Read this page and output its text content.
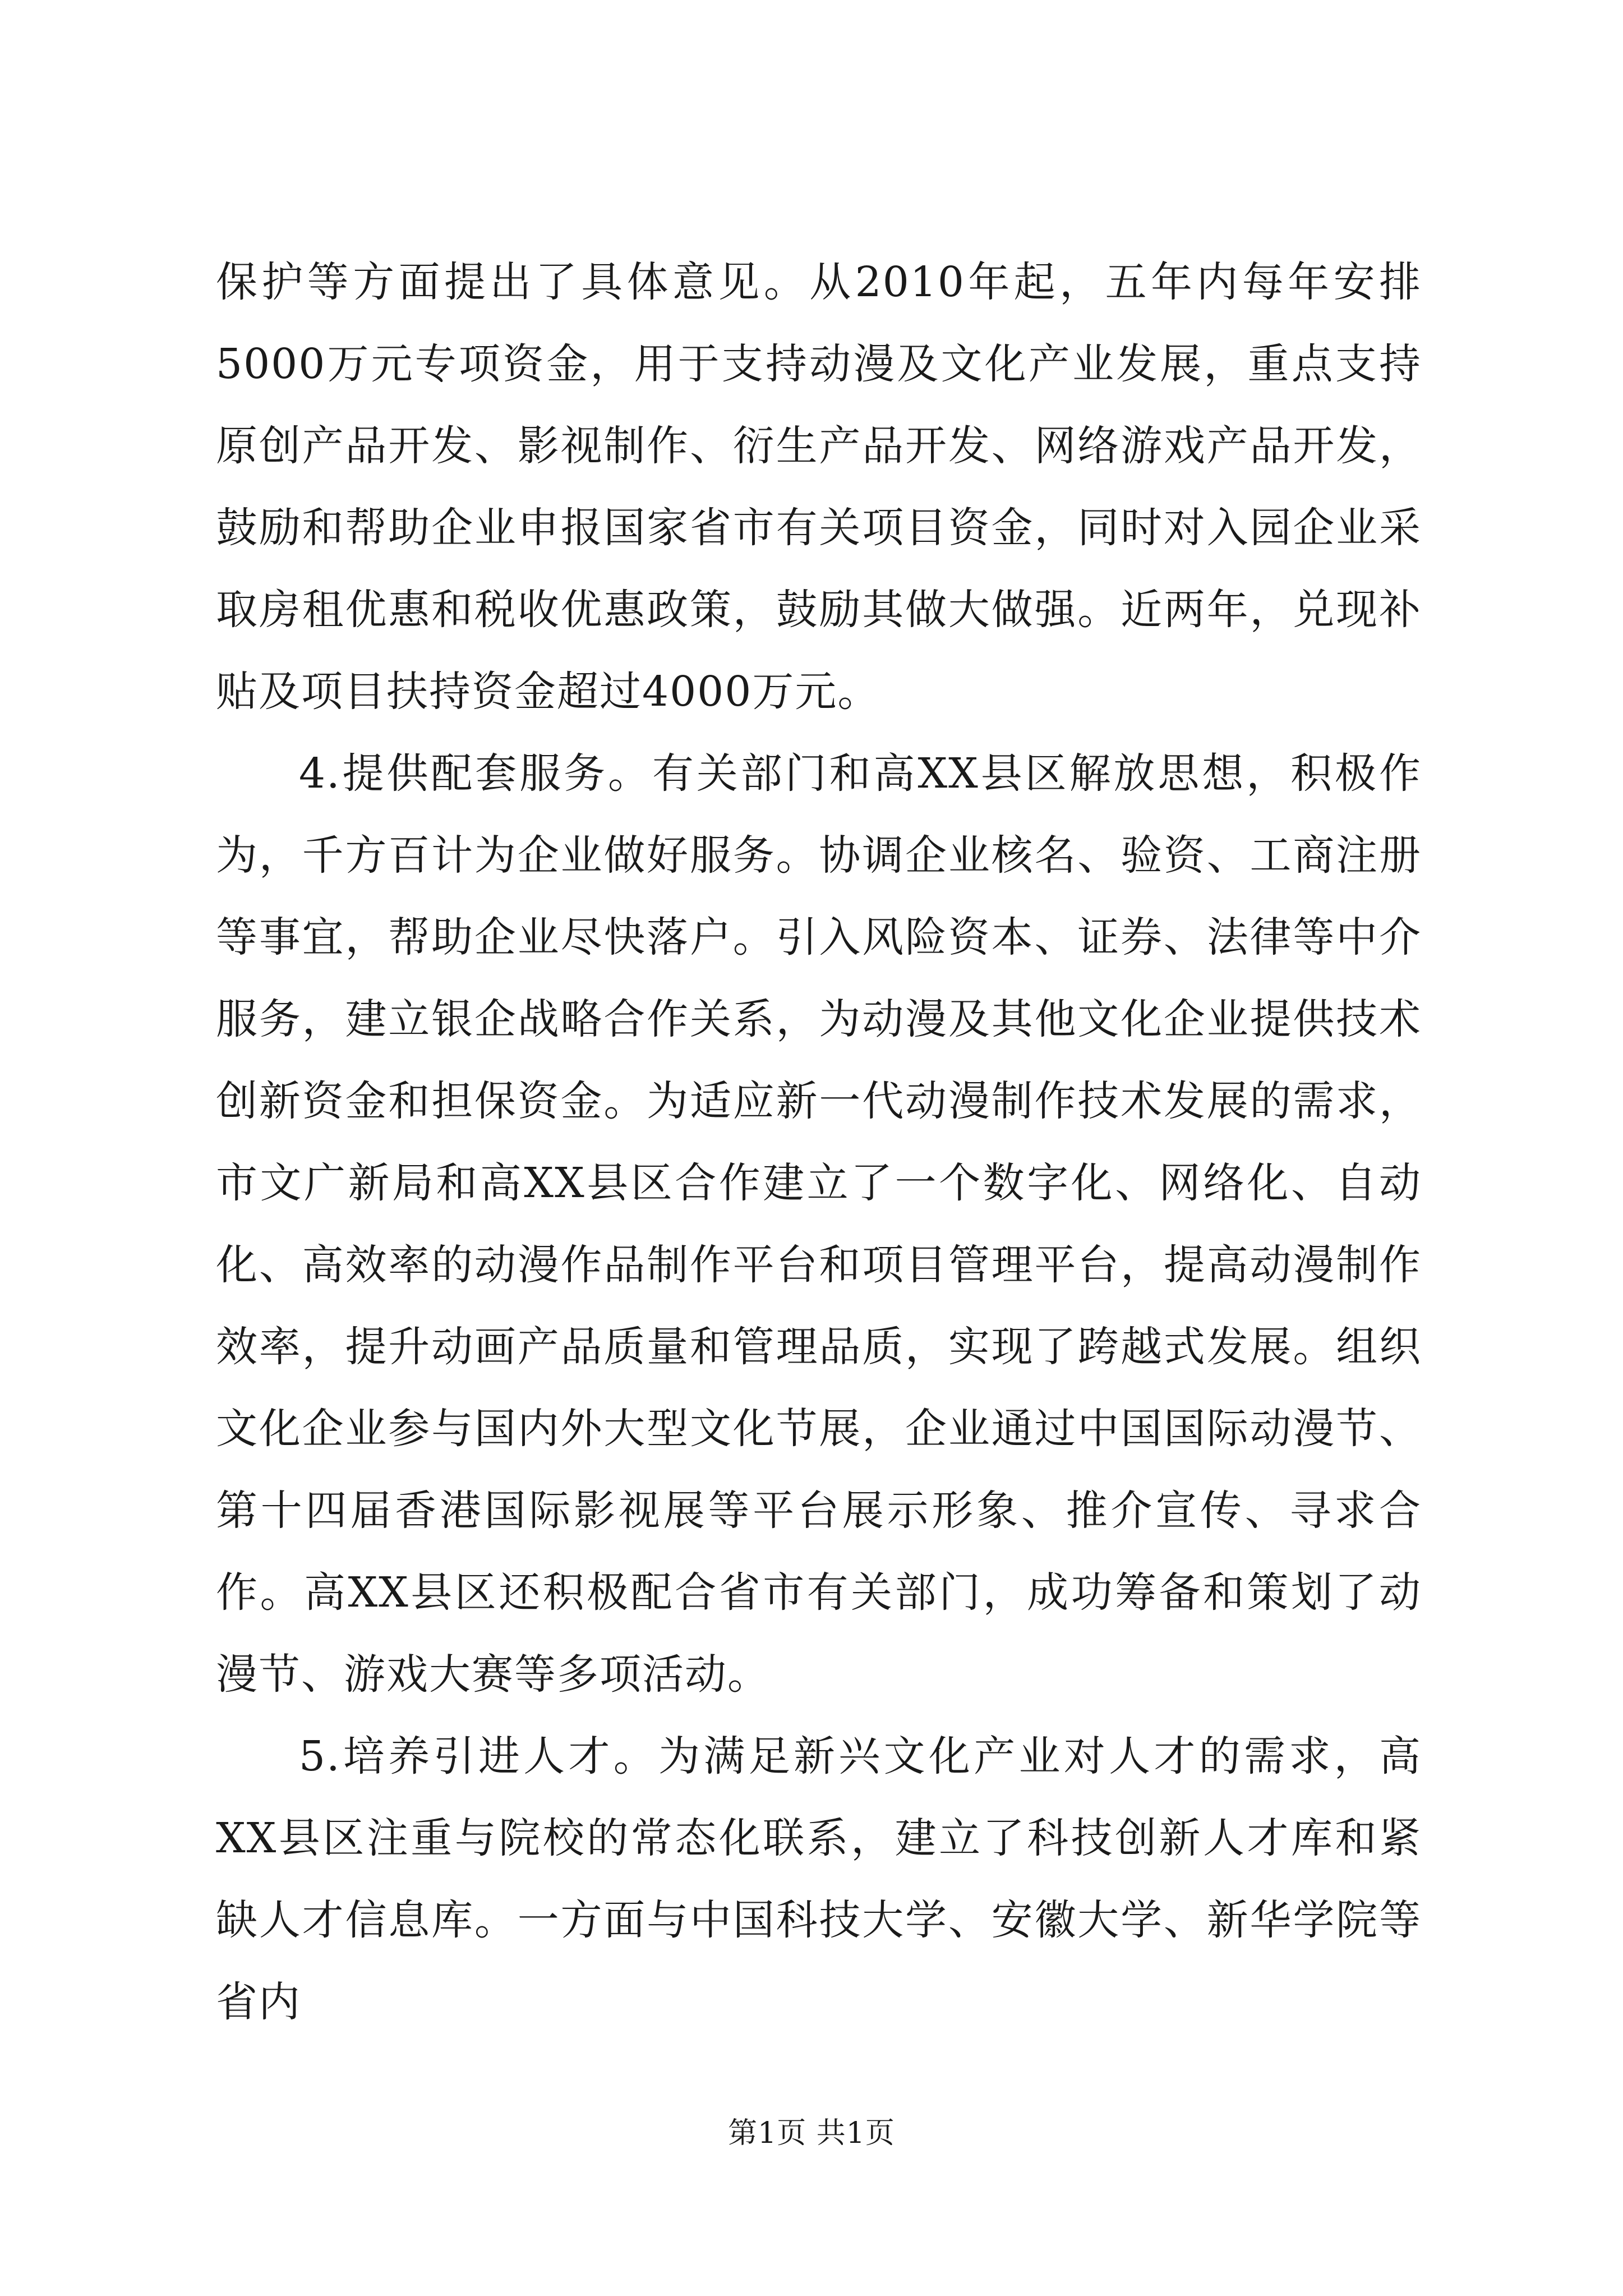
保护等方面提出了具体意见。从2010年起，五年内每年安排5000万元专项资金，用于支持动漫及文化产业发展，重点支持原创产品开发、影视制作、衍生产品开发、网络游戏产品开发，鼓励和帮助企业申报国家省市有关项目资金，同时对入园企业采取房租优惠和税收优惠政策，鼓励其做大做强。近两年，兑现补贴及项目扶持资金超过4000万元。

4.提供配套服务。有关部门和高XX县区解放思想，积极作为，千方百计为企业做好服务。协调企业核名、验资、工商注册等事宜，帮助企业尽快落户。引入风险资本、证券、法律等中介服务，建立银企战略合作关系，为动漫及其他文化企业提供技术创新资金和担保资金。为适应新一代动漫制作技术发展的需求，市文广新局和高XX县区合作建立了一个数字化、网络化、自动化、高效率的动漫作品制作平台和项目管理平台，提高动漫制作效率，提升动画产品质量和管理品质，实现了跨越式发展。组织文化企业参与国内外大型文化节展，企业通过中国国际动漫节、第十四届香港国际影视展等平台展示形象、推介宣传、寻求合作。高XX县区还积极配合省市有关部门，成功筹备和策划了动漫节、游戏大赛等多项活动。

5.培养引进人才。为满足新兴文化产业对人才的需求，高XX县区注重与院校的常态化联系，建立了科技创新人才库和紧缺人才信息库。一方面与中国科技大学、安徽大学、新华学院等省内

第1页 共1页
